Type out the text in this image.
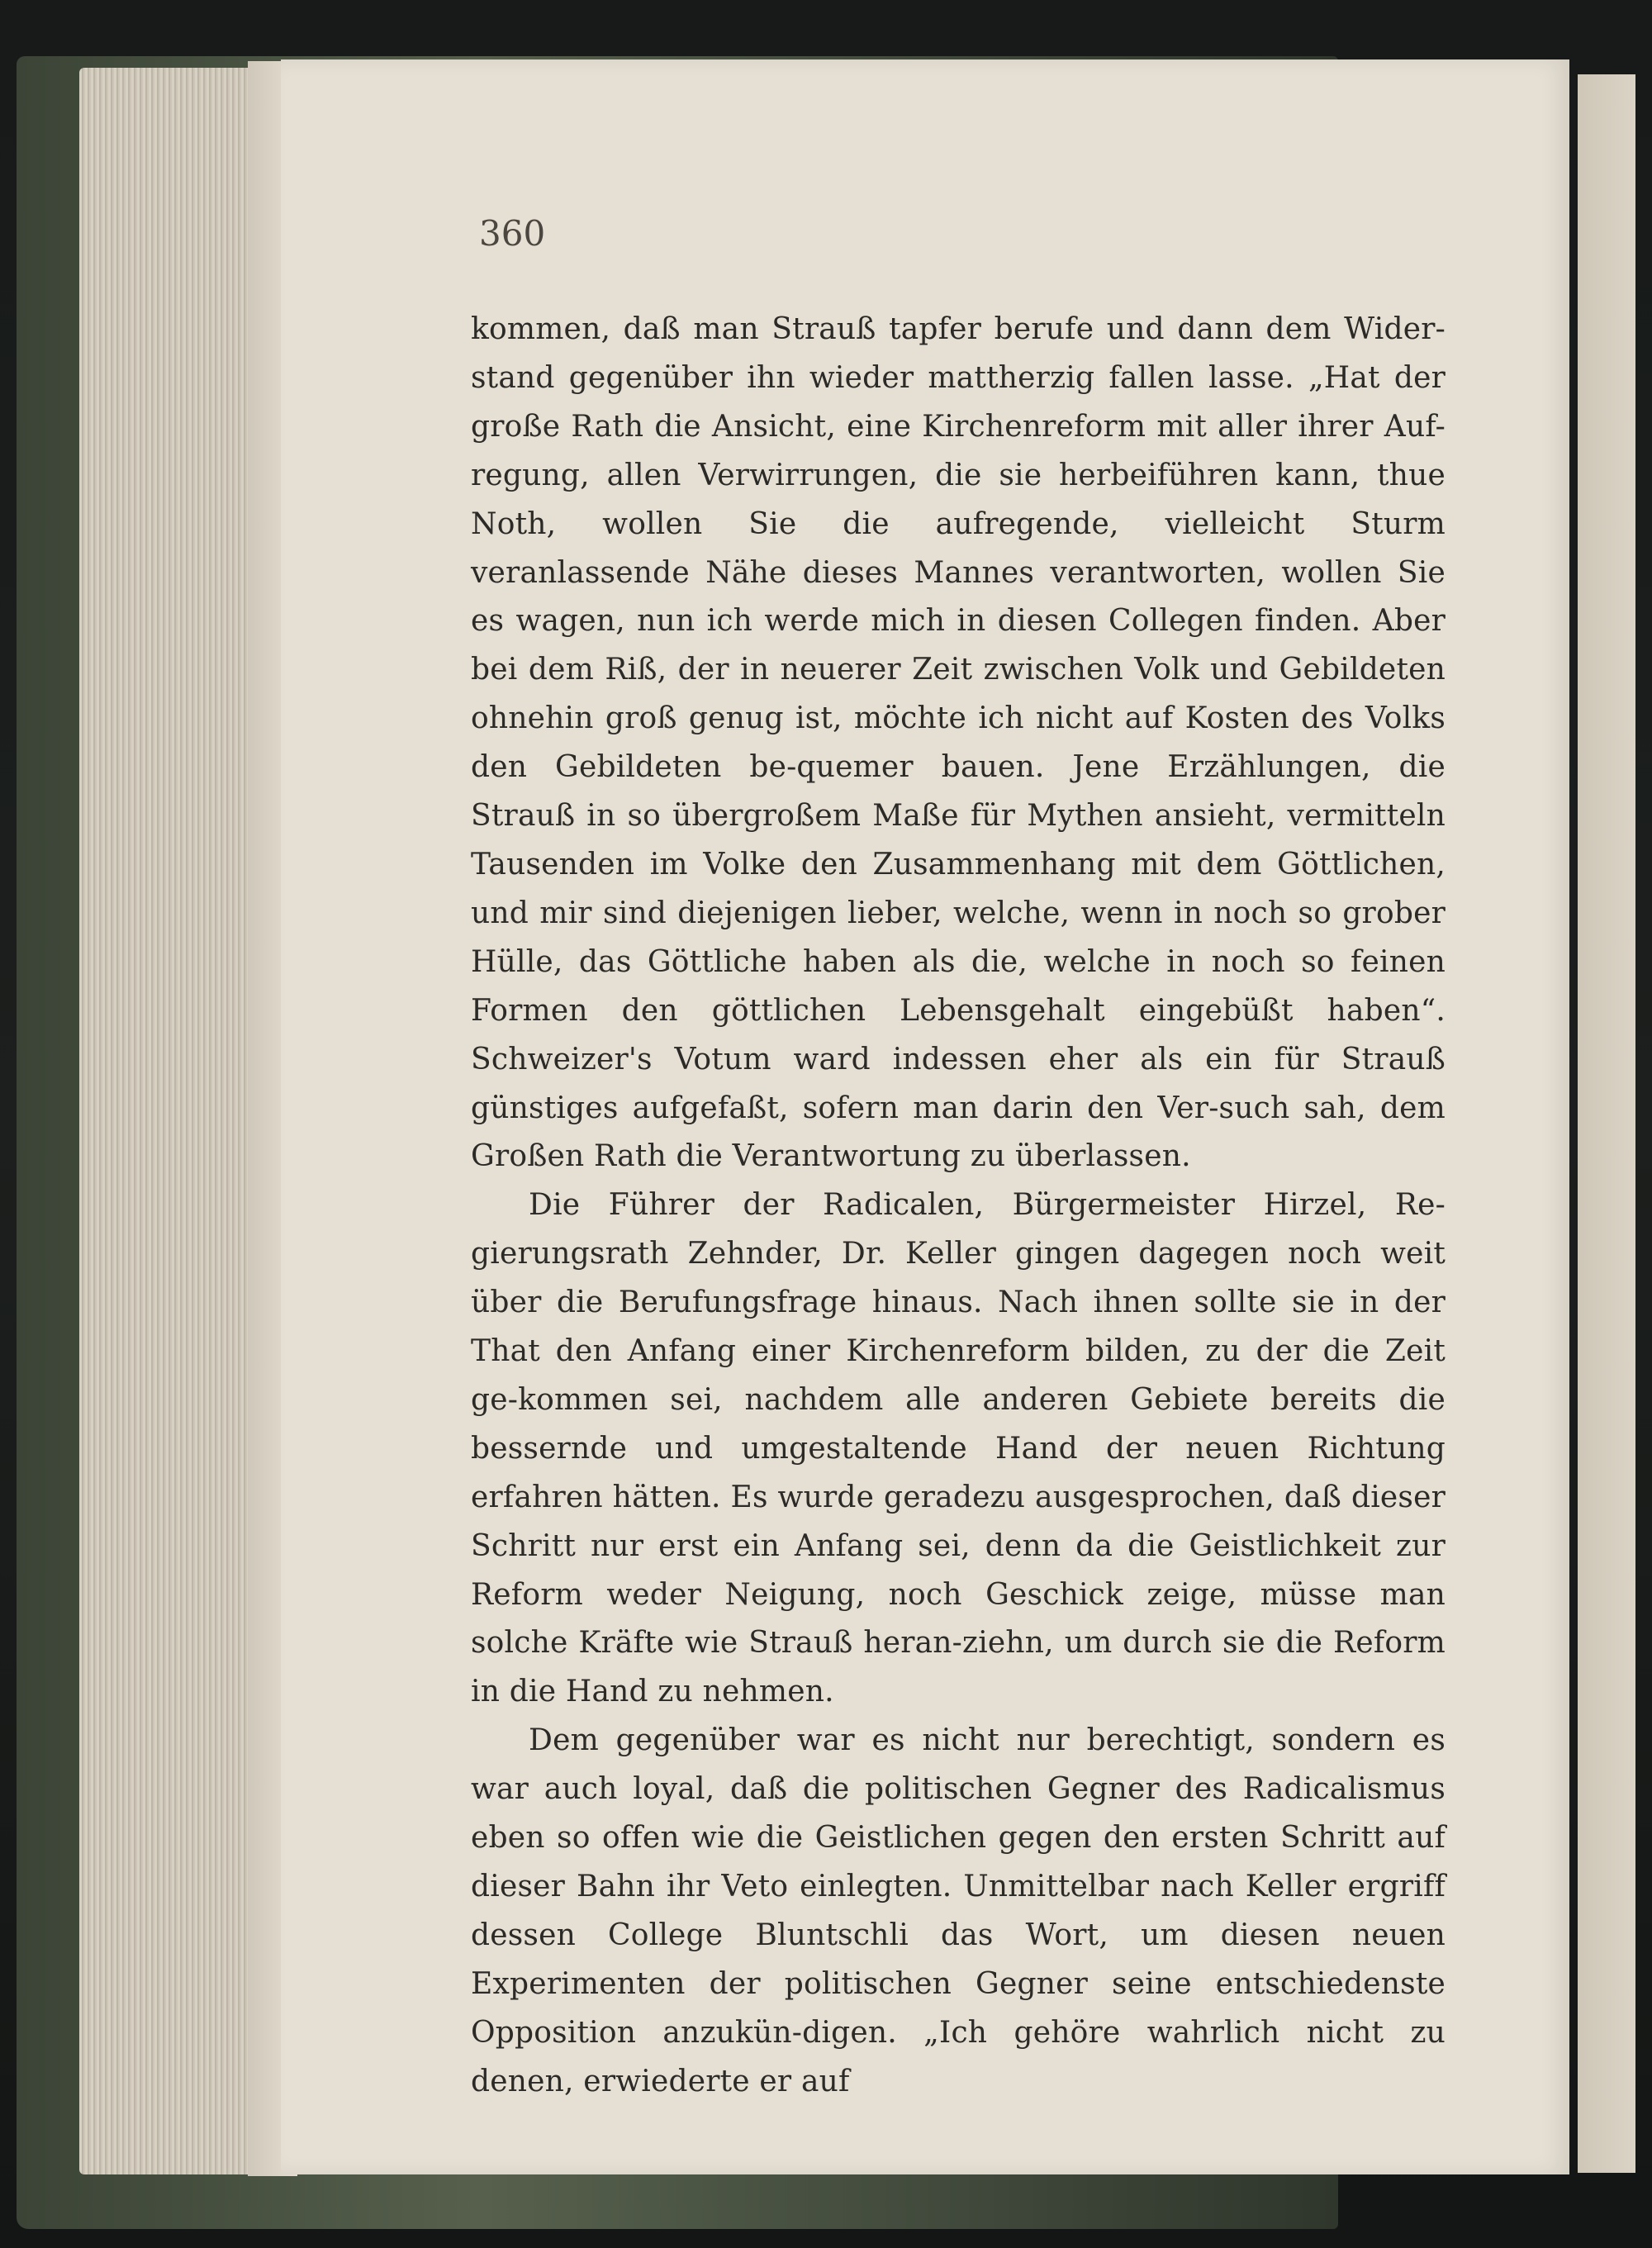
360

kommen, daß man Strauß tapfer berufe und dann dem Wider-stand gegenüber ihn wieder mattherzig fallen lasse. „Hat der große Rath die Ansicht, eine Kirchenreform mit aller ihrer Auf-regung, allen Verwirrungen, die sie herbeiführen kann, thue Noth, wollen Sie die aufregende, vielleicht Sturm veranlassende Nähe dieses Mannes verantworten, wollen Sie es wagen, nun ich werde mich in diesen Collegen finden. Aber bei dem Riß, der in neuerer Zeit zwischen Volk und Gebildeten ohnehin groß genug ist, möchte ich nicht auf Kosten des Volks den Gebildeten be-quemer bauen. Jene Erzählungen, die Strauß in so übergroßem Maße für Mythen ansieht, vermitteln Tausenden im Volke den Zusammenhang mit dem Göttlichen, und mir sind diejenigen lieber, welche, wenn in noch so grober Hülle, das Göttliche haben als die, welche in noch so feinen Formen den göttlichen Lebensgehalt eingebüßt haben“. Schweizer's Votum ward indessen eher als ein für Strauß günstiges aufgefaßt, sofern man darin den Ver-such sah, dem Großen Rath die Verantwortung zu überlassen.

Die Führer der Radicalen, Bürgermeister Hirzel, Re-gierungsrath Zehnder, Dr. Keller gingen dagegen noch weit über die Berufungsfrage hinaus. Nach ihnen sollte sie in der That den Anfang einer Kirchenreform bilden, zu der die Zeit ge-kommen sei, nachdem alle anderen Gebiete bereits die bessernde und umgestaltende Hand der neuen Richtung erfahren hätten. Es wurde geradezu ausgesprochen, daß dieser Schritt nur erst ein Anfang sei, denn da die Geistlichkeit zur Reform weder Neigung, noch Geschick zeige, müsse man solche Kräfte wie Strauß heran-ziehn, um durch sie die Reform in die Hand zu nehmen.

Dem gegenüber war es nicht nur berechtigt, sondern es war auch loyal, daß die politischen Gegner des Radicalismus eben so offen wie die Geistlichen gegen den ersten Schritt auf dieser Bahn ihr Veto einlegten. Unmittelbar nach Keller ergriff dessen College Bluntschli das Wort, um diesen neuen Experimenten der politischen Gegner seine entschiedenste Opposition anzukün-digen. „Ich gehöre wahrlich nicht zu denen, erwiederte er auf
